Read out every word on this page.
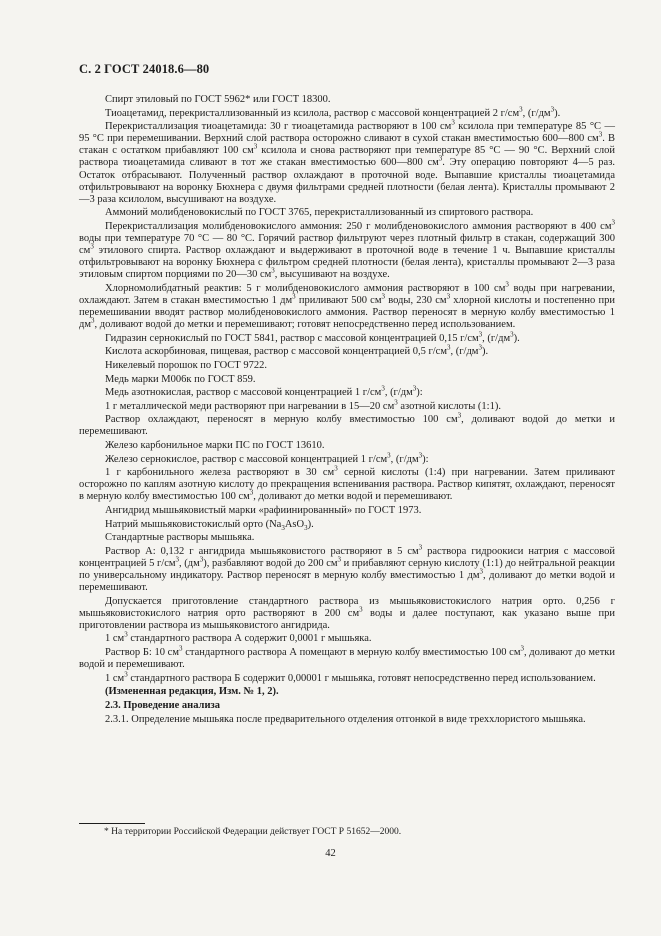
С. 2 ГОСТ 24018.6—80

Спирт этиловый по ГОСТ 5962* или ГОСТ 18300.

Тиоацетамид, перекристаллизованный из ксилола, раствор с массовой концентрацией 2 $г/см^3$, $(г/дм^3)$.

Перекристаллизация тиоацетамида: 30 г тиоацетамида растворяют в 100 $см^3$ ксилола при температуре 85 °С — 95 °С при перемешивании. Верхний слой раствора осторожно сливают в сухой стакан вместимостью 600—800 $см^3$. В стакан с остатком прибавляют 100 $см^3$ ксилола и снова растворяют при температуре 85 °С — 90 °С. Верхний слой раствора тиоацетамида сливают в тот же стакан вместимостью 600—800 $см^3$. Эту операцию повторяют 4—5 раз. Остаток отбрасывают. Полученный раствор охлаждают в проточной воде. Выпавшие кристаллы тиоацетамида отфильтровывают на воронку Бюхнера с двумя фильтрами средней плотности (белая лента). Кристаллы промывают 2—3 раза ксилолом, высушивают на воздухе.

Аммоний молибденовокислый по ГОСТ 3765, перекристаллизованный из спиртового раствора.

Перекристаллизация молибденовокислого аммония: 250 г молибденовокислого аммония растворяют в 400 $см^3$ воды при температуре 70 °С — 80 °С. Горячий раствор фильтруют через плотный фильтр в стакан, содержащий 300 $см^3$ этилового спирта. Раствор охлаждают и выдерживают в проточной воде в течение 1 ч. Выпавшие кристаллы отфильтровывают на воронку Бюхнера с фильтром средней плотности (белая лента), кристаллы промывают 2—3 раза этиловым спиртом порциями по 20—30 $см^3$, высушивают на воздухе.

Хлорномолибдатный реактив: 5 г молибденовокислого аммония растворяют в 100 $см^3$ воды при нагревании, охлаждают. Затем в стакан вместимостью 1 $дм^3$ приливают 500 $см^3$ воды, 230 $см^3$ хлорной кислоты и постепенно при перемешивании вводят раствор молибденовокислого аммония. Раствор переносят в мерную колбу вместимостью 1 $дм^3$, доливают водой до метки и перемешивают; готовят непосредственно перед использованием.

Гидразин сернокислый по ГОСТ 5841, раствор с массовой концентрацией 0,15 $г/см^3$, $(г/дм^3)$.

Кислота аскорбиновая, пищевая, раствор с массовой концентрацией 0,5 $г/см^3$, $(г/дм^3)$.

Никелевый порошок по ГОСТ 9722.

Медь марки М006к по ГОСТ 859.

Медь азотнокислая, раствор с массовой концентрацией 1 $г/см^3$, $(г/дм^3)$:

1 г металлической меди растворяют при нагревании в 15—20 $см^3$ азотной кислоты (1:1).

Раствор охлаждают, переносят в мерную колбу вместимостью 100 $см^3$, доливают водой до метки и перемешивают.

Железо карбонильное марки ПС по ГОСТ 13610.

Железо сернокислое, раствор с массовой концентрацией 1 $г/см^3$, $(г/дм^3)$:

1 г карбонильного железа растворяют в 30 $см^3$ серной кислоты (1:4) при нагревании. Затем приливают осторожно по каплям азотную кислоту до прекращения вспенивания раствора. Раствор кипятят, охлаждают, переносят в мерную колбу вместимостью 100 $см^3$, доливают до метки водой и перемешивают.

Ангидрид мышьяковистый марки «рафиинированный» по ГОСТ 1973.

Натрий мышьяковистокислый орто $(Na_3AsO_3)$.

Стандартные растворы мышьяка.

Раствор А: 0,132 г ангидрида мышьяковистого растворяют в 5 $см^3$ раствора гидроокиси натрия с массовой концентрацией 5 $г/см^3$, $(дм^3)$, разбавляют водой до 200 $см^3$ и прибавляют серную кислоту (1:1) до нейтральной реакции по универсальному индикатору. Раствор переносят в мерную колбу вместимостью 1 $дм^3$, доливают до метки водой и перемешивают.

Допускается приготовление стандартного раствора из мышьяковистокислого натрия орто. 0,256 г мышьяковистокислого натрия орто растворяют в 200 $см^3$ воды и далее поступают, как указано выше при приготовлении раствора из мышьяковистого ангидрида.

1 $см^3$ стандартного раствора А содержит 0,0001 г мышьяка.

Раствор Б: 10 $см^3$ стандартного раствора А помещают в мерную колбу вместимостью 100 $см^3$, доливают до метки водой и перемешивают.

1 $см^3$ стандартного раствора Б содержит 0,00001 г мышьяка, готовят непосредственно перед использованием.

(Измененная редакция, Изм. № 1, 2).

2.3. Проведение анализа

2.3.1. Определение мышьяка после предварительного отделения отгонкой в виде треххлористого мышьяка.

* На территории Российской Федерации действует ГОСТ Р 51652—2000.
42
